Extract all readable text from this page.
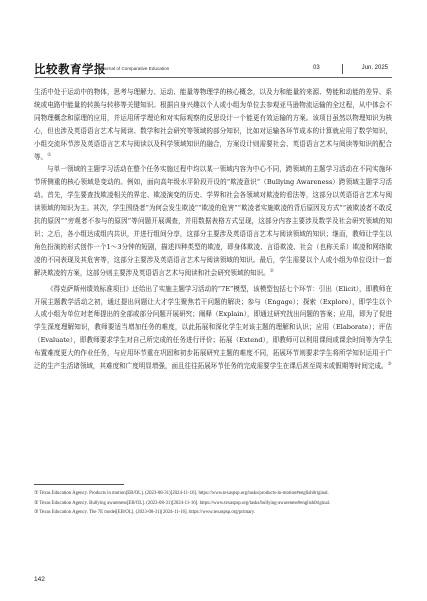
比较教育学报
Journal of Comparative Education	03	Jun. 2025

生活中处于运动中的物体，思考与理解力、运动、能量等物理学的核心概念，以及力和能量的来源、势能和动能的差异、系统或电路中能量的转换与转移等关键知识。根据自身兴趣以个人或小组为单位去参观亚马逊物流运输的全过程，从中体会不同物理概念和原理的应用，并运用所学理论和对实际观察的反思设计一个能更有效运输的方案。该项目虽然以物理知识为核心，但也涉及英语语言艺术与阅读、数学和社会研究等领域的部分知识，比如对运输各环节成本的计算就应用了数学知识，小组交流环节涉及英语语言艺术与阅读以及科学领域知识的融合，方案设计则需要社会、英语语言艺术与阅读等知识的配合等。①

与单一领域的主题学习活动在整个任务实施过程中均以某一领域内容为中心不同，跨领域的主题学习活动在不同实施环节所侧重的核心领域是变动的。例如，面向高年级水平阶段开设的“欺凌意识”（Bullying Awareness）跨领域主题学习活动。首先，学生要查找欺凌相关的界定、欺凌演变的历史、学界和社会各领域对欺凌的看法等，这部分以英语语言艺术与阅读领域的知识为主。其次，学生围绕者“为何会发生欺凌”“欺凌的危害”“欺凌者实施欺凌的背后原因及方式”“被欺凌者不敢反抗的原因”“旁观者不参与的原因”等问题开展调查，并用数据表格方式呈现，这部分内容主要涉及数学及社会研究领域的知识；之后，各小组达成组内共识，并进行组间分享，这部分主要涉及英语语言艺术与阅读领域的知识；继而，教师让学生以角色扮演的形式创作一个1～3分钟的短剧，描述四种类型的欺凌，即身体欺凌、言语欺凌、社会（也称关系）欺凌和网络欺凌的不同表现及其危害等，这部分主要涉及英语语言艺术与阅读领域的知识。最后，学生需要以个人或小组为单位设计一套解决欺凌的方案，这部分则主要涉及英语语言艺术与阅读和社会研究领域的知识。②

《得克萨斯州绩效标准项目》还给出了实施主题学习活动的“7E”模型，该模型包括七个环节：引出（Elicit），即教师在开展主题教学活动之初，通过提出问题让大才学生聚焦若干问题的解决；参与（Engage）；探索（Explore），即学生以个人或小组为单位对老师提出的全部或部分问题开展研究；阐释（Explain），即通过研究找出问题的答案；应用，即为了促进学生深度理解知识，教师要适当增加任务的难度，以此拓展和深化学生对该主题的理解和认识；应用（Elaborate）；评估（Evaluate），即教师要求学生对自己所完成的任务进行评价；拓展（Extend），即教师可以利用课间或课余时间等为学生布置难度更大的作业任务，与应用环节重在巩固和初步拓展研究主题的难度不同，拓展环节则要求学生将所学知识运用于广泛的生产生活诸领域，其难度和广度明显增强，面且往往拓展环节任务的完成需要学生在课后甚至周末或假期等时间完成。③

① Texas Education Agency. Products in motion[EB/OL]. (2023-08-31)[2024-11-16]. https://www.texaspsp.org/tasks/products-in-motion#english0riginal.

② Texas Education Agency. Bullying awareness[EB/OL]. (2023-08-31)[2024-11-16]. https://www.texaspsp.org/tasks/bullying-awareness#english0riginal.

③ Texas Education Agency. The 7E model[EB/OL]. (2023-08-31)[2024-11-16]. https://www.texaspsp.org/primary.

142
